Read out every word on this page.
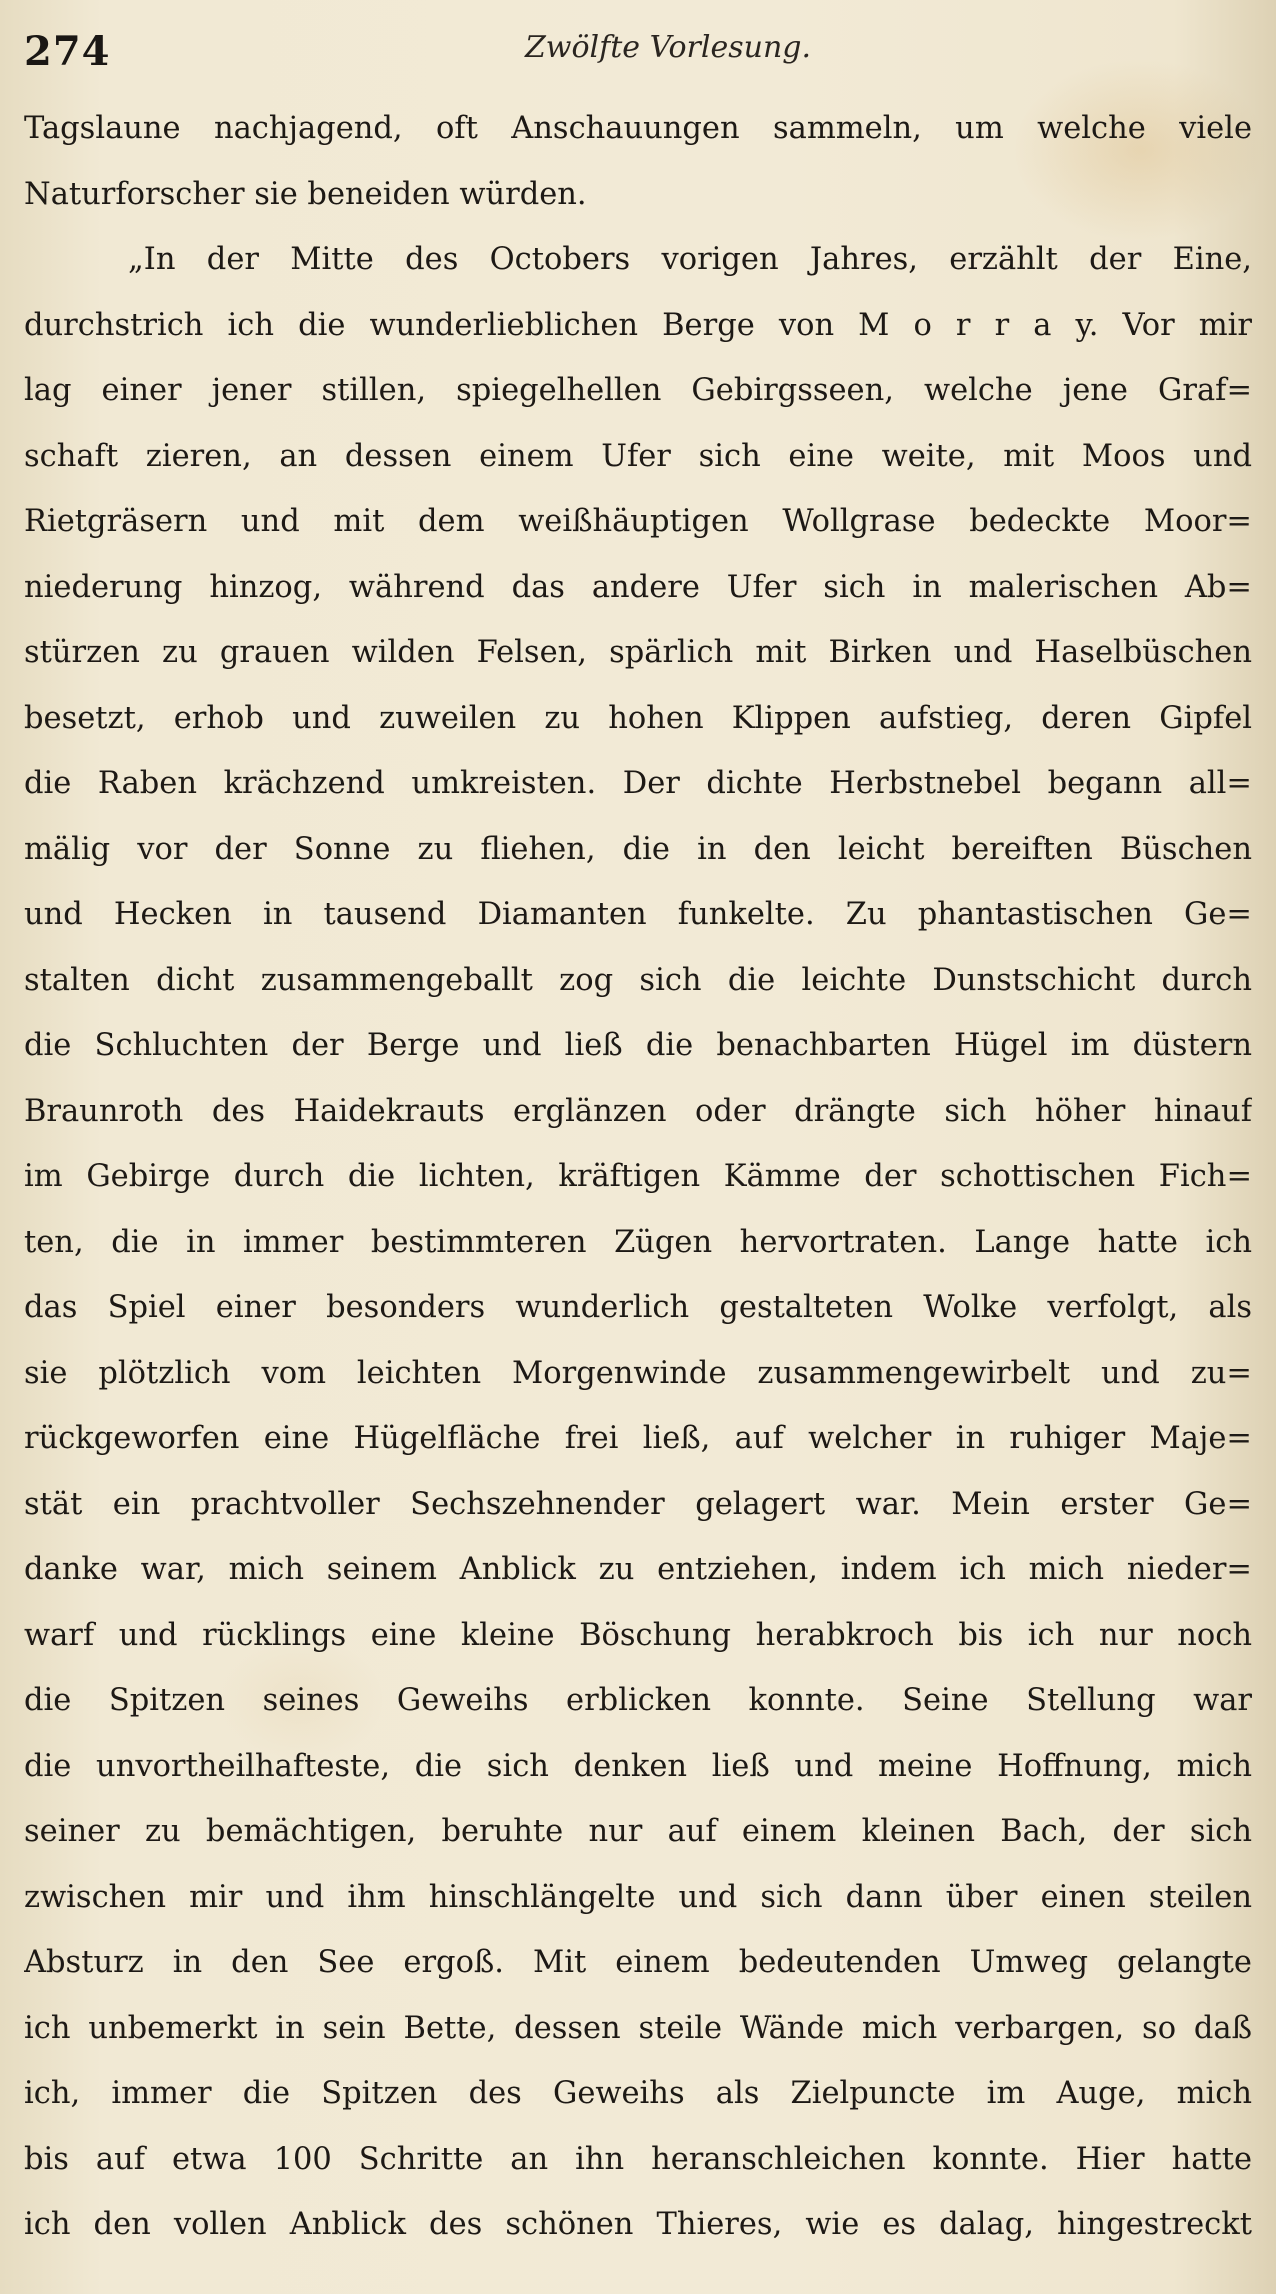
274	Zwölfte Vorlesung.
Tagslaune nachjagend, oft Anschauungen sammeln, um welche viele
Naturforscher sie beneiden würden.
„In der Mitte des Octobers vorigen Jahres, erzählt der Eine,
durchstrich ich die wunderlieblichen Berge von M o r r a y. Vor mir
lag einer jener stillen, spiegelhellen Gebirgsseen, welche jene Graf=
schaft zieren, an dessen einem Ufer sich eine weite, mit Moos und
Rietgräsern und mit dem weißhäuptigen Wollgrase bedeckte Moor=
niederung hinzog, während das andere Ufer sich in malerischen Ab=
stürzen zu grauen wilden Felsen, spärlich mit Birken und Haselbüschen
besetzt, erhob und zuweilen zu hohen Klippen aufstieg, deren Gipfel
die Raben krächzend umkreisten. Der dichte Herbstnebel begann all=
mälig vor der Sonne zu fliehen, die in den leicht bereiften Büschen
und Hecken in tausend Diamanten funkelte. Zu phantastischen Ge=
stalten dicht zusammengeballt zog sich die leichte Dunstschicht durch
die Schluchten der Berge und ließ die benachbarten Hügel im düstern
Braunroth des Haidekrauts erglänzen oder drängte sich höher hinauf
im Gebirge durch die lichten, kräftigen Kämme der schottischen Fich=
ten, die in immer bestimmteren Zügen hervortraten. Lange hatte ich
das Spiel einer besonders wunderlich gestalteten Wolke verfolgt, als
sie plötzlich vom leichten Morgenwinde zusammengewirbelt und zu=
rückgeworfen eine Hügelfläche frei ließ, auf welcher in ruhiger Maje=
stät ein prachtvoller Sechszehnender gelagert war. Mein erster Ge=
danke war, mich seinem Anblick zu entziehen, indem ich mich nieder=
warf und rücklings eine kleine Böschung herabkroch bis ich nur noch
die Spitzen seines Geweihs erblicken konnte. Seine Stellung war
die unvortheilhafteste, die sich denken ließ und meine Hoffnung, mich
seiner zu bemächtigen, beruhte nur auf einem kleinen Bach, der sich
zwischen mir und ihm hinschlängelte und sich dann über einen steilen
Absturz in den See ergoß. Mit einem bedeutenden Umweg gelangte
ich unbemerkt in sein Bette, dessen steile Wände mich verbargen, so daß
ich, immer die Spitzen des Geweihs als Zielpuncte im Auge, mich
bis auf etwa 100 Schritte an ihn heranschleichen konnte. Hier hatte
ich den vollen Anblick des schönen Thieres, wie es dalag, hingestreckt
